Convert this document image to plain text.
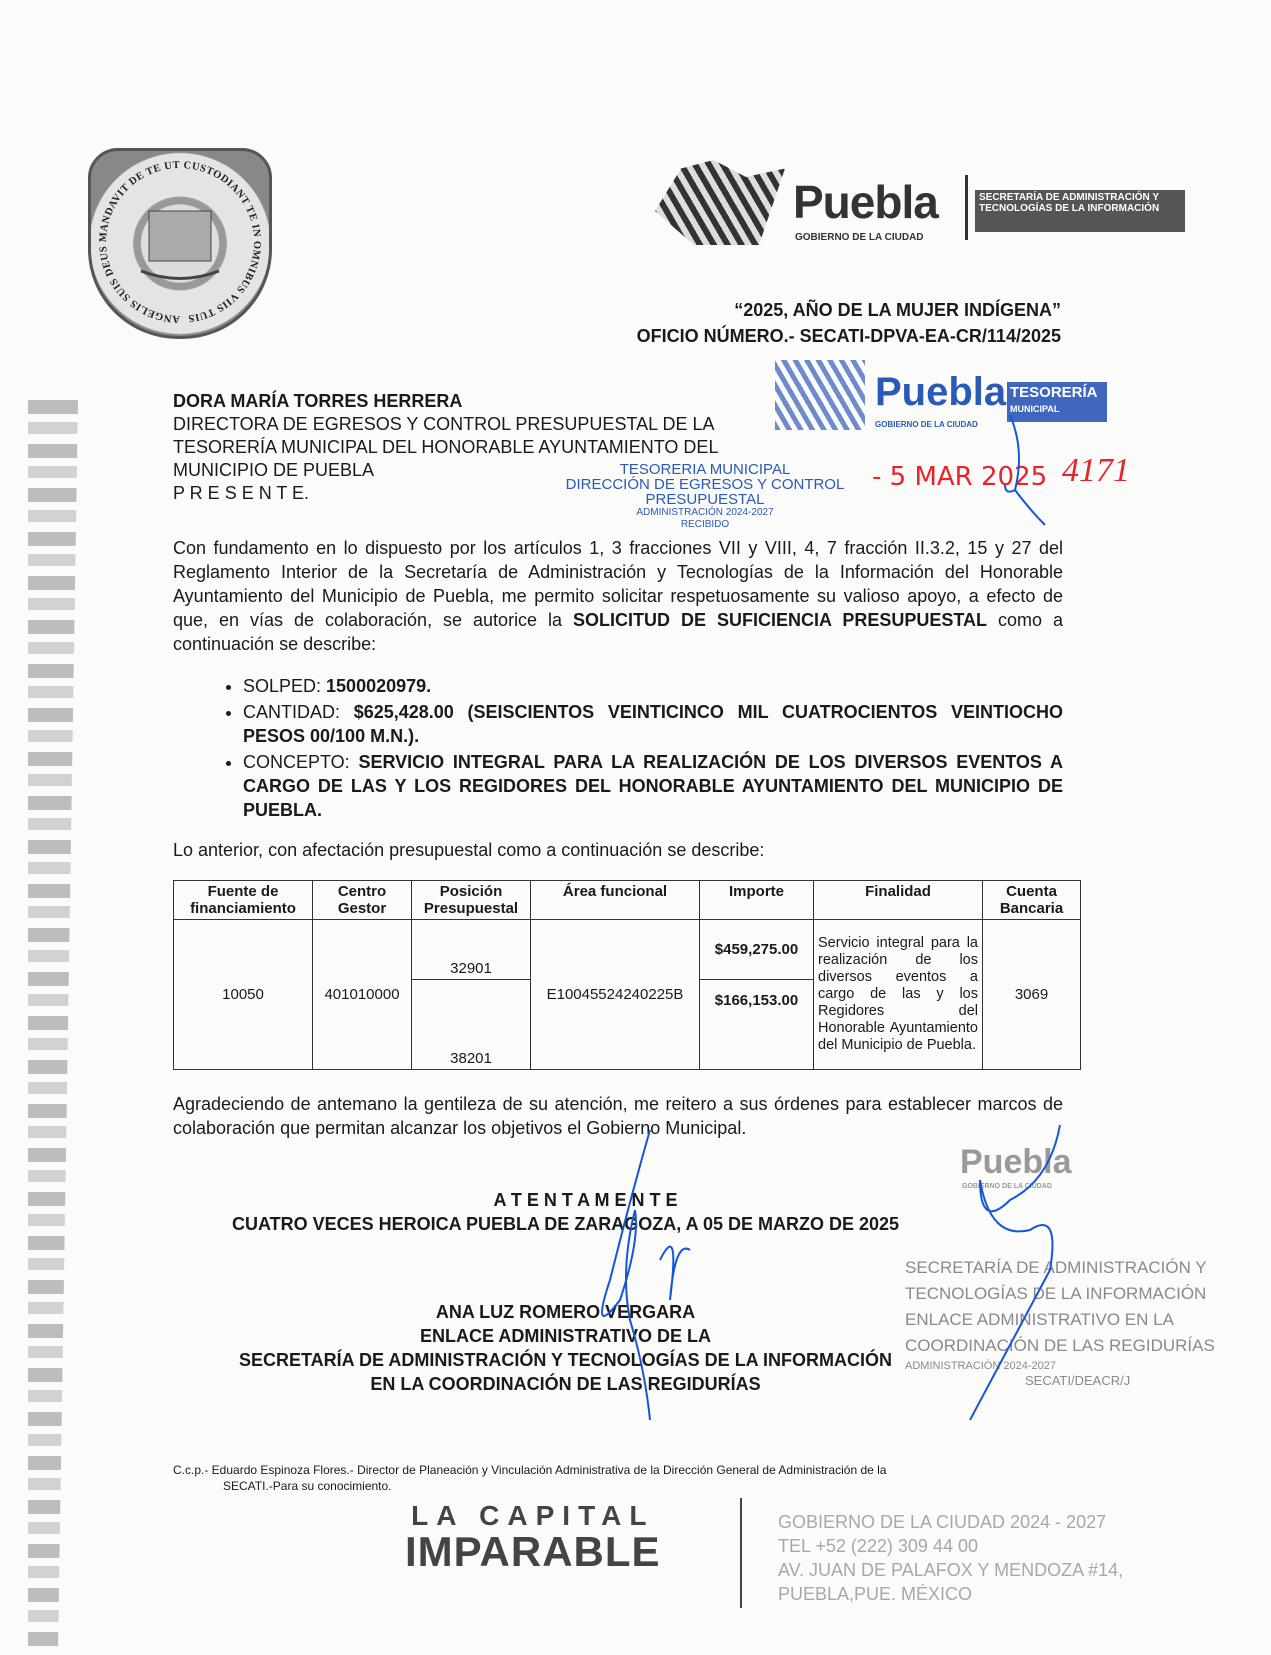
ANGELIS SUIS DEUS MANDAVIT DE TE UT CUSTODIANT TE IN OMNIBUS VIIS TUIS
Puebla
GOBIERNO DE LA CIUDAD
SECRETARÍA DE ADMINISTRACIÓN Y TECNOLOGÍAS DE LA INFORMACIÓN
“2025, AÑO DE LA MUJER INDÍGENA”
OFICIO NÚMERO.- SECATI-DPVA-EA-CR/114/2025
DORA MARÍA TORRES HERRERA
DIRECTORA DE EGRESOS Y CONTROL PRESUPUESTAL DE LA
TESORERÍA MUNICIPAL DEL HONORABLE AYUNTAMIENTO DEL
MUNICIPIO DE PUEBLA
P R E S E N T E.
Puebla
GOBIERNO DE LA CIUDAD
TESORERÍA
MUNICIPAL
- 5 MAR 2025 4171
TESORERIA MUNICIPAL
DIRECCIÓN DE EGRESOS Y CONTROL
PRESUPUESTAL
ADMINISTRACIÓN 2024-2027
RECIBIDO
Con fundamento en lo dispuesto por los artículos 1, 3 fracciones VII y VIII, 4, 7 fracción II.3.2, 15 y 27 del Reglamento Interior de la Secretaría de Administración y Tecnologías de la Información del Honorable Ayuntamiento del Municipio de Puebla, me permito solicitar respetuosamente su valioso apoyo, a efecto de que, en vías de colaboración, se autorice la SOLICITUD DE SUFICIENCIA PRESUPUESTAL como a continuación se describe:
• SOLPED: 1500020979.
• CANTIDAD: $625,428.00 (SEISCIENTOS VEINTICINCO MIL CUATROCIENTOS VEINTIOCHO PESOS 00/100 M.N.).
• CONCEPTO: SERVICIO INTEGRAL PARA LA REALIZACIÓN DE LOS DIVERSOS EVENTOS A CARGO DE LAS Y LOS REGIDORES DEL HONORABLE AYUNTAMIENTO DEL MUNICIPIO DE PUEBLA.
Lo anterior, con afectación presupuestal como a continuación se describe:
Fuente de financiamiento	Centro Gestor	Posición Presupuestal	Área funcional	Importe	Finalidad	Cuenta Bancaria
10050	401010000	32901	E10045524240225B	$459,275.00	Servicio integral para la realización de los diversos eventos a cargo de las y los Regidores del Honorable Ayuntamiento del Municipio de Puebla.	3069
		38201		$166,153.00		
Agradeciendo de antemano la gentileza de su atención, me reitero a sus órdenes para establecer marcos de colaboración que permitan alcanzar los objetivos el Gobierno Municipal.
A T E N T A M E N T E
CUATRO VECES HEROICA PUEBLA DE ZARAGOZA, A 05 DE MARZO DE 2025
ANA LUZ ROMERO VERGARA
ENLACE ADMINISTRATIVO DE LA
SECRETARÍA DE ADMINISTRACIÓN Y TECNOLOGÍAS DE LA INFORMACIÓN
EN LA COORDINACIÓN DE LAS REGIDURÍAS
SECRETARÍA DE ADMINISTRACIÓN Y
TECNOLOGÍAS DE LA INFORMACIÓN
ENLACE ADMINISTRATIVO EN LA
COORDINACIÓN DE LAS REGIDURÍAS
ADMINISTRACIÓN 2024-2027
SECATI/DEACR/J
Puebla
GOBIERNO DE LA CIUDAD
C.c.p.- Eduardo Espinoza Flores.- Director de Planeación y Vinculación Administrativa de la Dirección General de Administración de la
SECATI.-Para su conocimiento.
LA CAPITAL
IMPARABLE
GOBIERNO DE LA CIUDAD 2024 - 2027
TEL +52 (222) 309 44 00
AV. JUAN DE PALAFOX Y MENDOZA #14,
PUEBLA,PUE. MÉXICO
